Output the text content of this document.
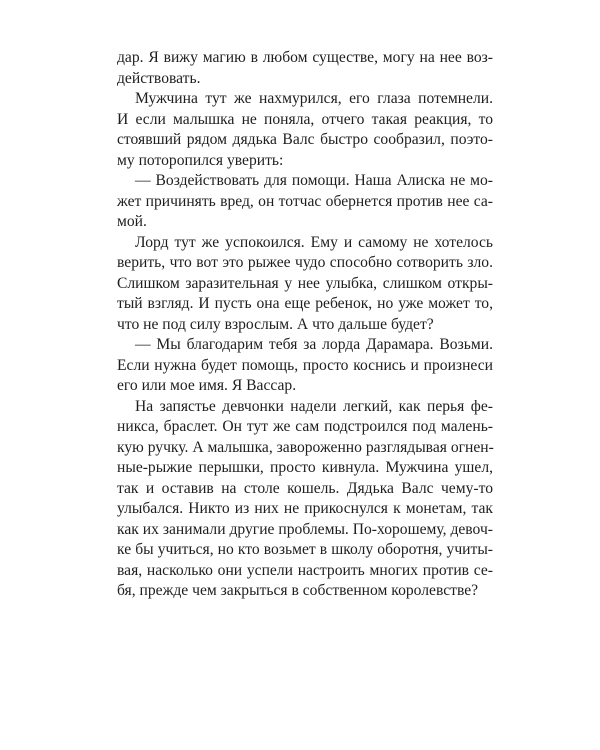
дар. Я вижу магию в любом существе, могу на нее воз-
действовать.
Мужчина тут же нахмурился, его глаза потемнели.
И если малышка не поняла, отчего такая реакция, то
стоявший рядом дядька Валс быстро сообразил, поэто-
му поторопился уверить:
— Воздействовать для помощи. Наша Алиска не мо-
жет причинять вред, он тотчас обернется против нее са-
мой.
Лорд тут же успокоился. Ему и самому не хотелось
верить, что вот это рыжее чудо способно сотворить зло.
Слишком заразительная у нее улыбка, слишком откры-
тый взгляд. И пусть она еще ребенок, но уже может то,
что не под силу взрослым. А что дальше будет?
— Мы благодарим тебя за лорда Дарамара. Возьми.
Если нужна будет помощь, просто коснись и произнеси
его или мое имя. Я Вассар.
На запястье девчонки надели легкий, как перья фе-
никса, браслет. Он тут же сам подстроился под малень-
кую ручку. А малышка, завороженно разглядывая огнен-
ные-рыжие перышки, просто кивнула. Мужчина ушел,
так и оставив на столе кошель. Дядька Валс чему-то
улыбался. Никто из них не прикоснулся к монетам, так
как их занимали другие проблемы. По-хорошему, девоч-
ке бы учиться, но кто возьмет в школу оборотня, учиты-
вая, насколько они успели настроить многих против се-
бя, прежде чем закрыться в собственном королевстве?
